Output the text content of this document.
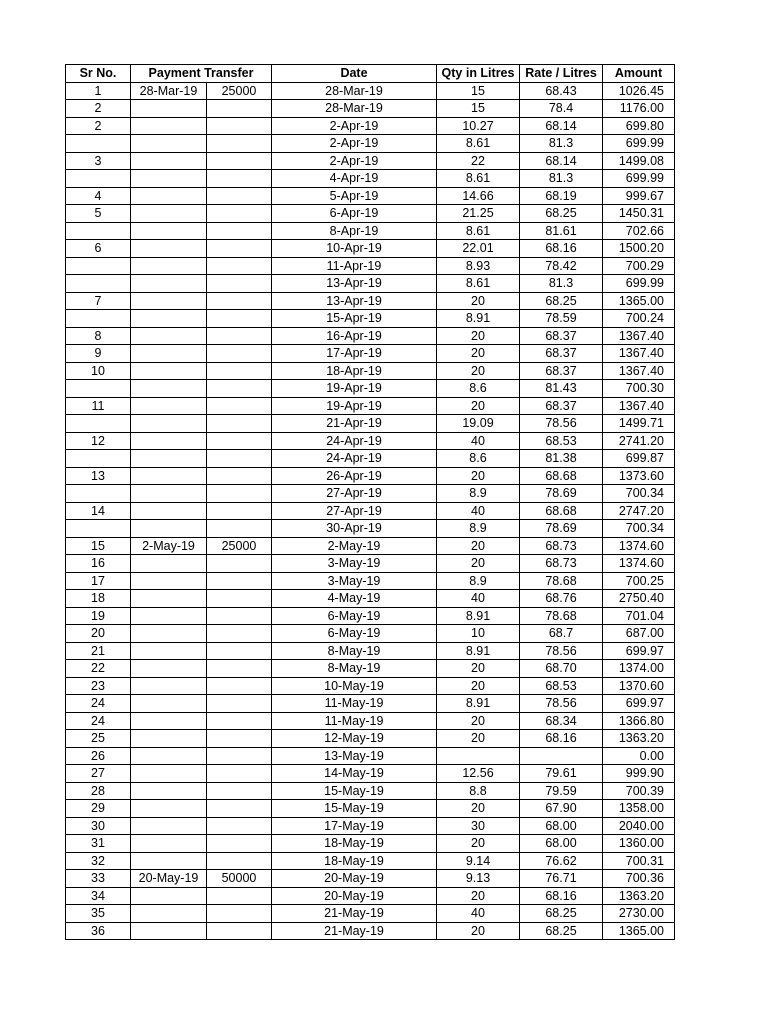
Sr No.	Payment Transfer		Date	Qty in Litres	Rate / Litres	Amount
1	28-Mar-19	25000	28-Mar-19	15	68.43	1026.45
2			28-Mar-19	15	78.4	1176.00
2			2-Apr-19	10.27	68.14	699.80
			2-Apr-19	8.61	81.3	699.99
3			2-Apr-19	22	68.14	1499.08
			4-Apr-19	8.61	81.3	699.99
4			5-Apr-19	14.66	68.19	999.67
5			6-Apr-19	21.25	68.25	1450.31
			8-Apr-19	8.61	81.61	702.66
6			10-Apr-19	22.01	68.16	1500.20
			11-Apr-19	8.93	78.42	700.29
			13-Apr-19	8.61	81.3	699.99
7			13-Apr-19	20	68.25	1365.00
			15-Apr-19	8.91	78.59	700.24
8			16-Apr-19	20	68.37	1367.40
9			17-Apr-19	20	68.37	1367.40
10			18-Apr-19	20	68.37	1367.40
			19-Apr-19	8.6	81.43	700.30
11			19-Apr-19	20	68.37	1367.40
			21-Apr-19	19.09	78.56	1499.71
12			24-Apr-19	40	68.53	2741.20
			24-Apr-19	8.6	81.38	699.87
13			26-Apr-19	20	68.68	1373.60
			27-Apr-19	8.9	78.69	700.34
14			27-Apr-19	40	68.68	2747.20
			30-Apr-19	8.9	78.69	700.34
15	2-May-19	25000	2-May-19	20	68.73	1374.60
16			3-May-19	20	68.73	1374.60
17			3-May-19	8.9	78.68	700.25
18			4-May-19	40	68.76	2750.40
19			6-May-19	8.91	78.68	701.04
20			6-May-19	10	68.7	687.00
21			8-May-19	8.91	78.56	699.97
22			8-May-19	20	68.70	1374.00
23			10-May-19	20	68.53	1370.60
24			11-May-19	8.91	78.56	699.97
24			11-May-19	20	68.34	1366.80
25			12-May-19	20	68.16	1363.20
26			13-May-19			0.00
27			14-May-19	12.56	79.61	999.90
28			15-May-19	8.8	79.59	700.39
29			15-May-19	20	67.90	1358.00
30			17-May-19	30	68.00	2040.00
31			18-May-19	20	68.00	1360.00
32			18-May-19	9.14	76.62	700.31
33	20-May-19	50000	20-May-19	9.13	76.71	700.36
34			20-May-19	20	68.16	1363.20
35			21-May-19	40	68.25	2730.00
36			21-May-19	20	68.25	1365.00
